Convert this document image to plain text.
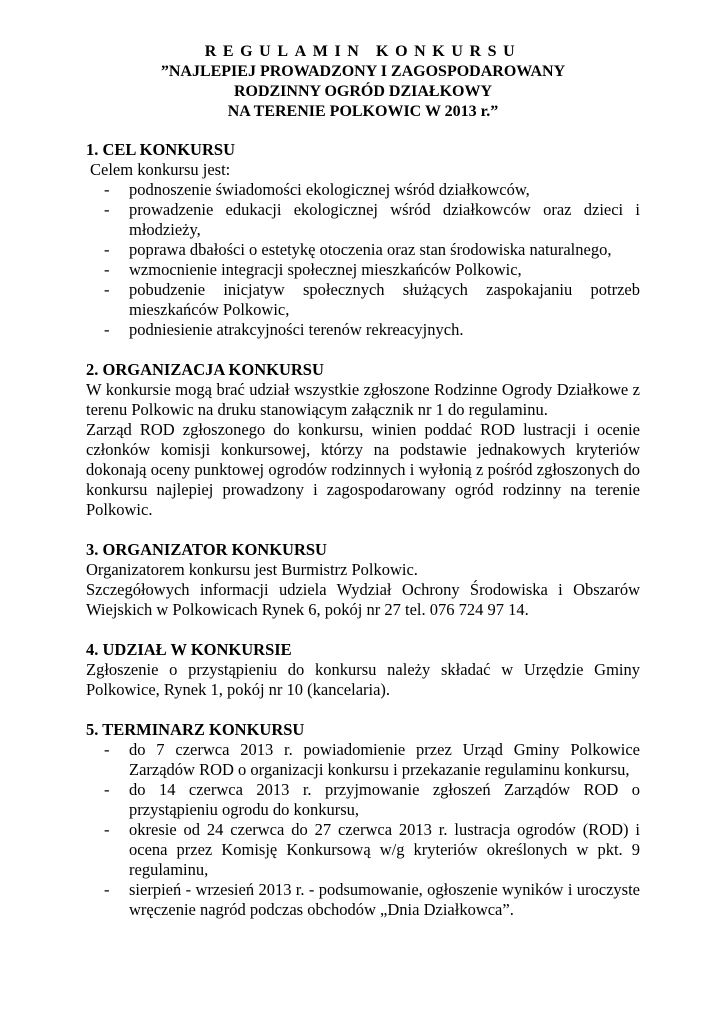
REGULAMIN KONKURSU
”NAJLEPIEJ PROWADZONY I ZAGOSPODAROWANY
RODZINNY OGRÓD DZIAŁKOWY
NA TERENIE POLKOWIC W 2013 r.”
1. CEL KONKURSU
Celem konkursu jest:
- podnoszenie świadomości ekologicznej wśród działkowców,
- prowadzenie edukacji ekologicznej wśród działkowców oraz dzieci i młodzieży,
- poprawa dbałości o estetykę otoczenia oraz stan środowiska naturalnego,
- wzmocnienie integracji społecznej mieszkańców Polkowic,
- pobudzenie inicjatyw społecznych służących zaspokajaniu potrzeb mieszkańców Polkowic,
- podniesienie atrakcyjności terenów rekreacyjnych.
2. ORGANIZACJA KONKURSU

W konkursie mogą brać udział wszystkie zgłoszone Rodzinne Ogrody Działkowe z terenu Polkowic na druku stanowiącym załącznik nr 1 do regulaminu.

Zarząd ROD zgłoszonego do konkursu, winien poddać ROD lustracji i ocenie członków komisji konkursowej, którzy na podstawie jednakowych kryteriów dokonają oceny punktowej ogrodów rodzinnych i wyłonią z pośród zgłoszonych do konkursu najlepiej prowadzony i zagospodarowany ogród rodzinny na terenie Polkowic.

3. ORGANIZATOR KONKURSU

Organizatorem konkursu jest Burmistrz Polkowic.

Szczegółowych informacji udziela Wydział Ochrony Środowiska i Obszarów Wiejskich w Polkowicach Rynek 6, pokój nr 27 tel. 076 724 97 14.

4. UDZIAŁ W KONKURSIE

Zgłoszenie o przystąpieniu do konkursu należy składać w Urzędzie Gminy Polkowice, Rynek 1, pokój nr 10 (kancelaria).

5. TERMINARZ KONKURSU
- do 7 czerwca 2013 r. powiadomienie przez Urząd Gminy Polkowice Zarządów ROD o organizacji konkursu i przekazanie regulaminu konkursu,
- do 14 czerwca 2013 r. przyjmowanie zgłoszeń Zarządów ROD o przystąpieniu ogrodu do konkursu,
- okresie od 24 czerwca do 27 czerwca 2013 r. lustracja ogrodów (ROD) i ocena przez Komisję Konkursową w/g kryteriów określonych w pkt. 9 regulaminu,
- sierpień - wrzesień 2013 r. - podsumowanie, ogłoszenie wyników i uroczyste wręczenie nagród podczas obchodów „Dnia Działkowca”.
